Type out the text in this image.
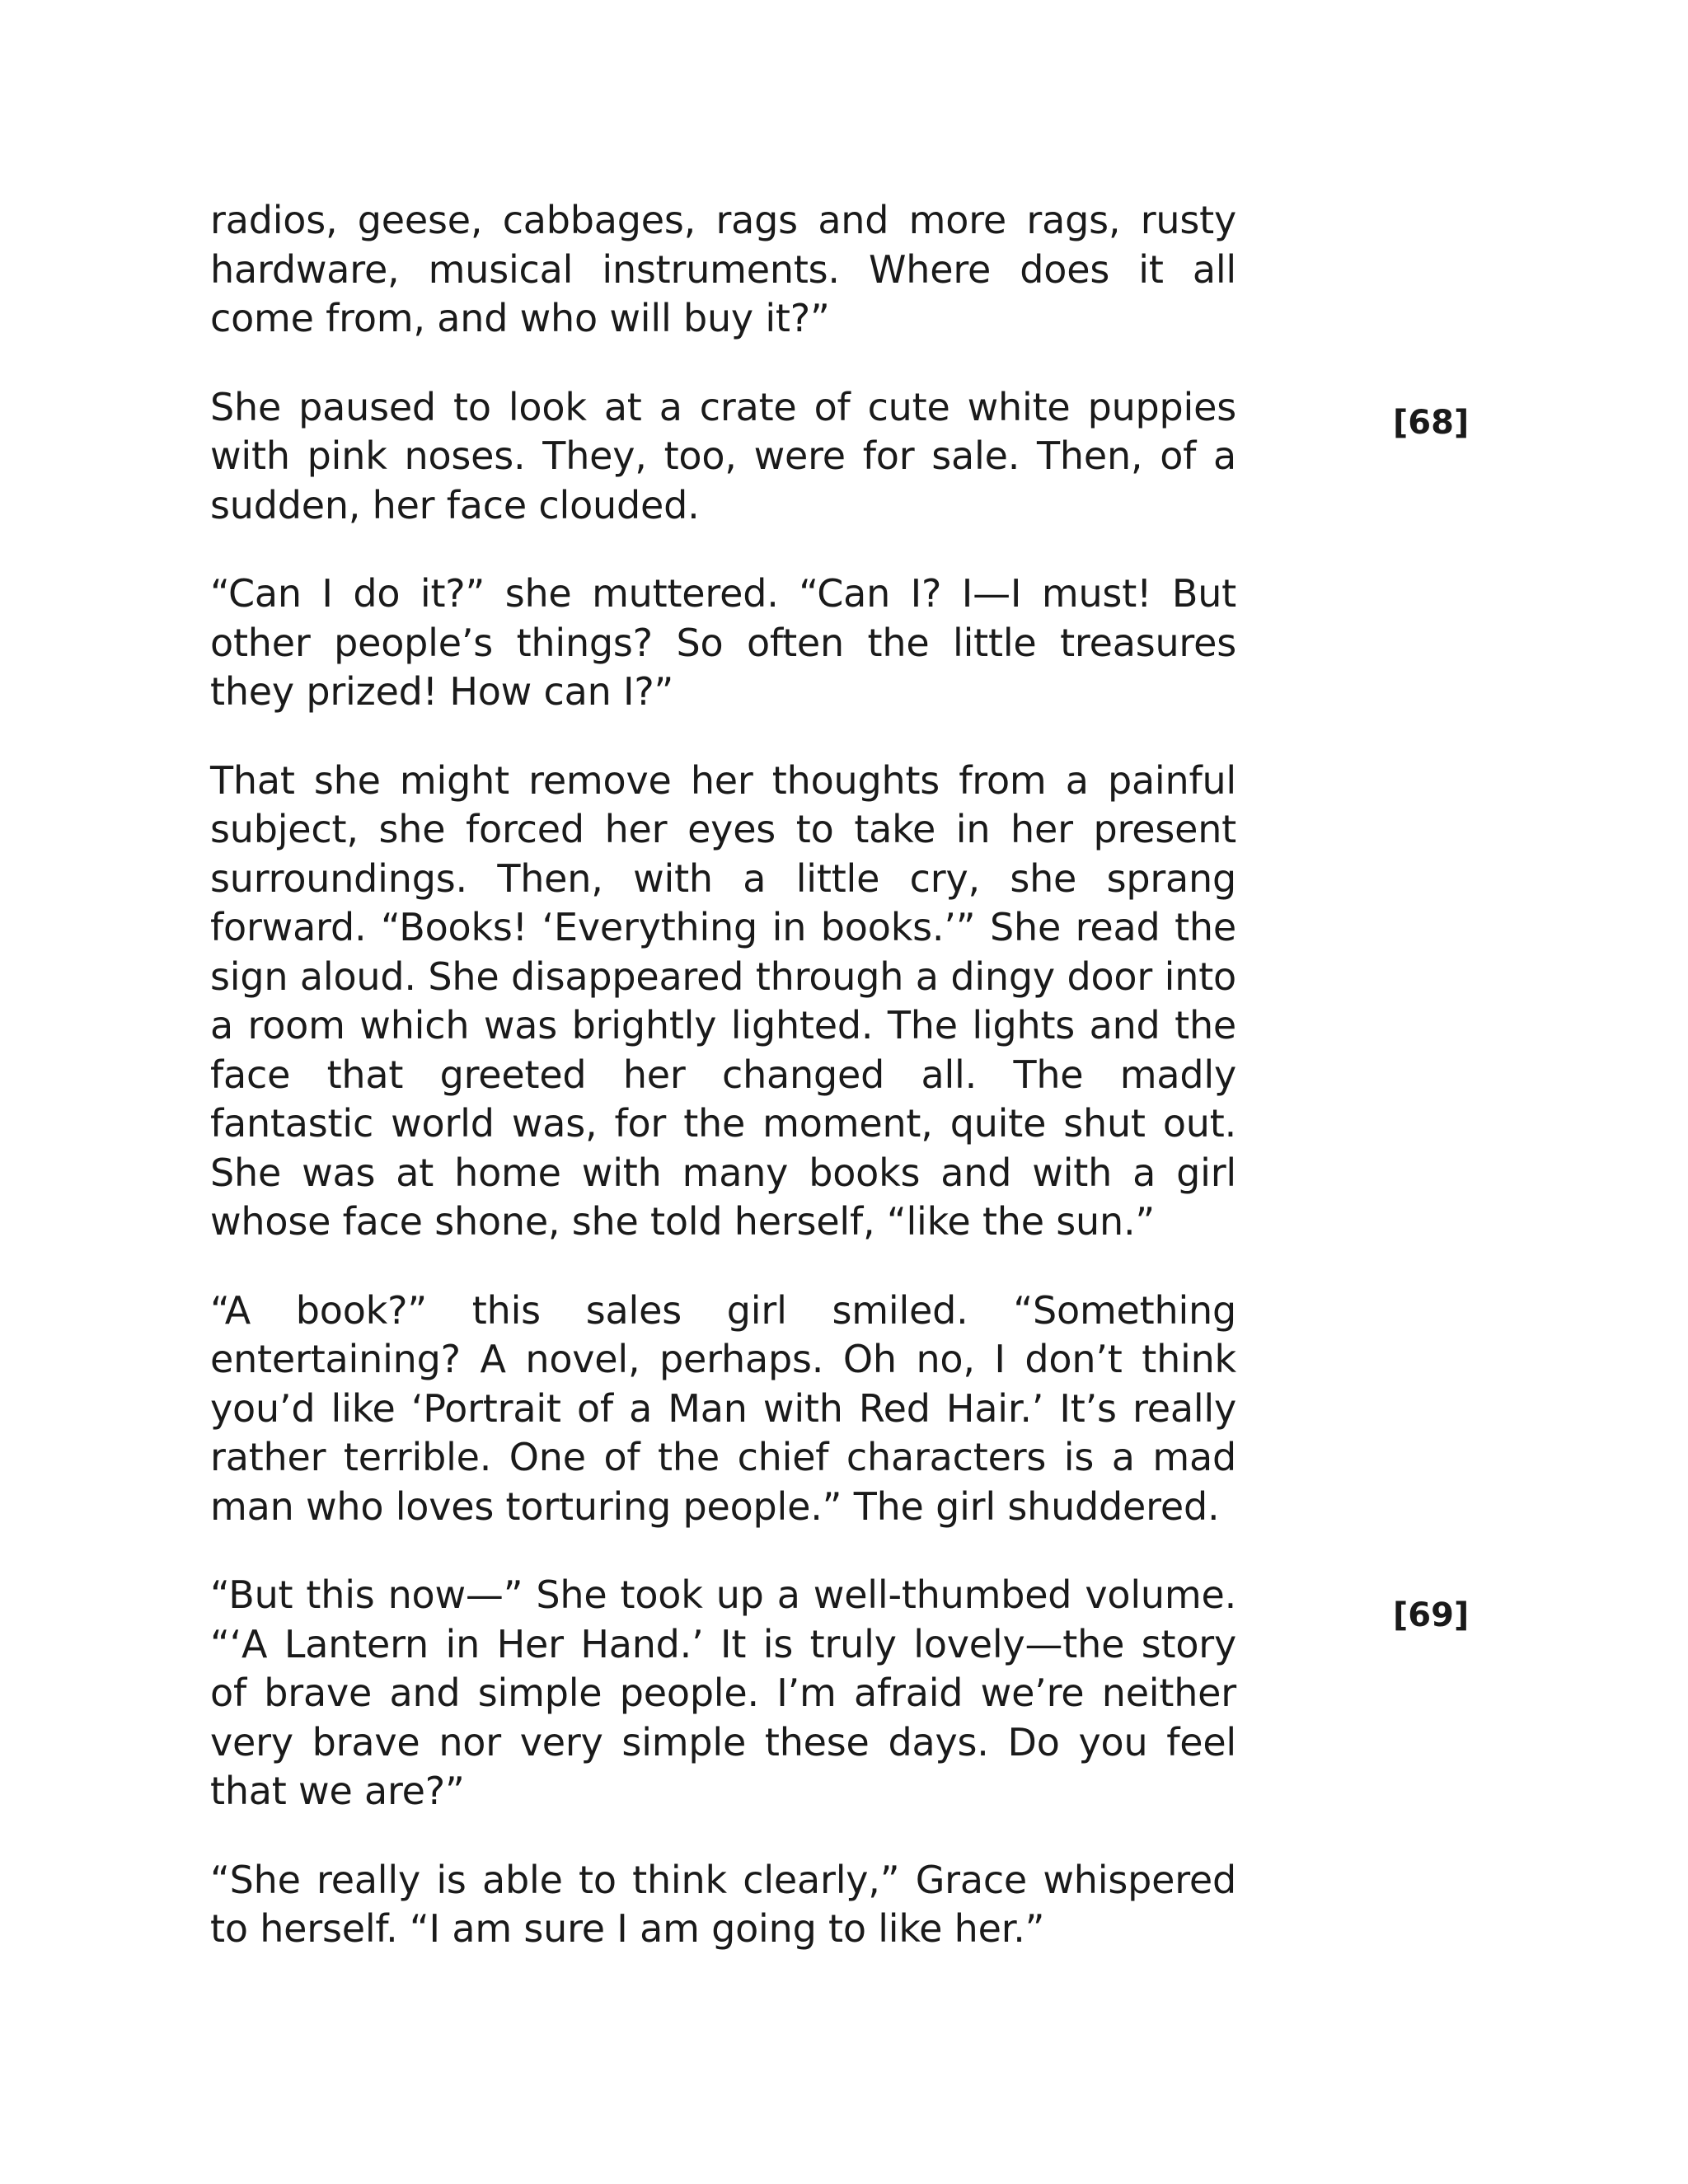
radios, geese, cabbages, rags and more rags, rusty hardware, musical instruments. Where does it all come from, and who will buy it?”

She paused to look at a crate of cute white puppies with pink noses. They, too, were for sale. Then, of a sudden, her face clouded.

“Can I do it?” she muttered. “Can I? I—I must! But other people’s things? So often the little treasures they prized! How can I?”

That she might remove her thoughts from a painful subject, she forced her eyes to take in her present surroundings. Then, with a little cry, she sprang forward. “Books! ‘Everything in books.’” She read the sign aloud. She disappeared through a dingy door into a room which was brightly lighted. The lights and the face that greeted her changed all. The madly fantastic world was, for the moment, quite shut out. She was at home with many books and with a girl whose face shone, she told herself, “like the sun.”

“A book?” this sales girl smiled. “Something entertaining? A novel, perhaps. Oh no, I don’t think you’d like ‘Portrait of a Man with Red Hair.’ It’s really rather terrible. One of the chief characters is a mad man who loves torturing people.” The girl shuddered.

“But this now—” She took up a well-thumbed volume. “‘A Lantern in Her Hand.’ It is truly lovely—the story of brave and simple people. I’m afraid we’re neither very brave nor very simple these days. Do you feel that we are?”

“She really is able to think clearly,” Grace whispered to herself. “I am sure I am going to like her.”

[68]
[69]
